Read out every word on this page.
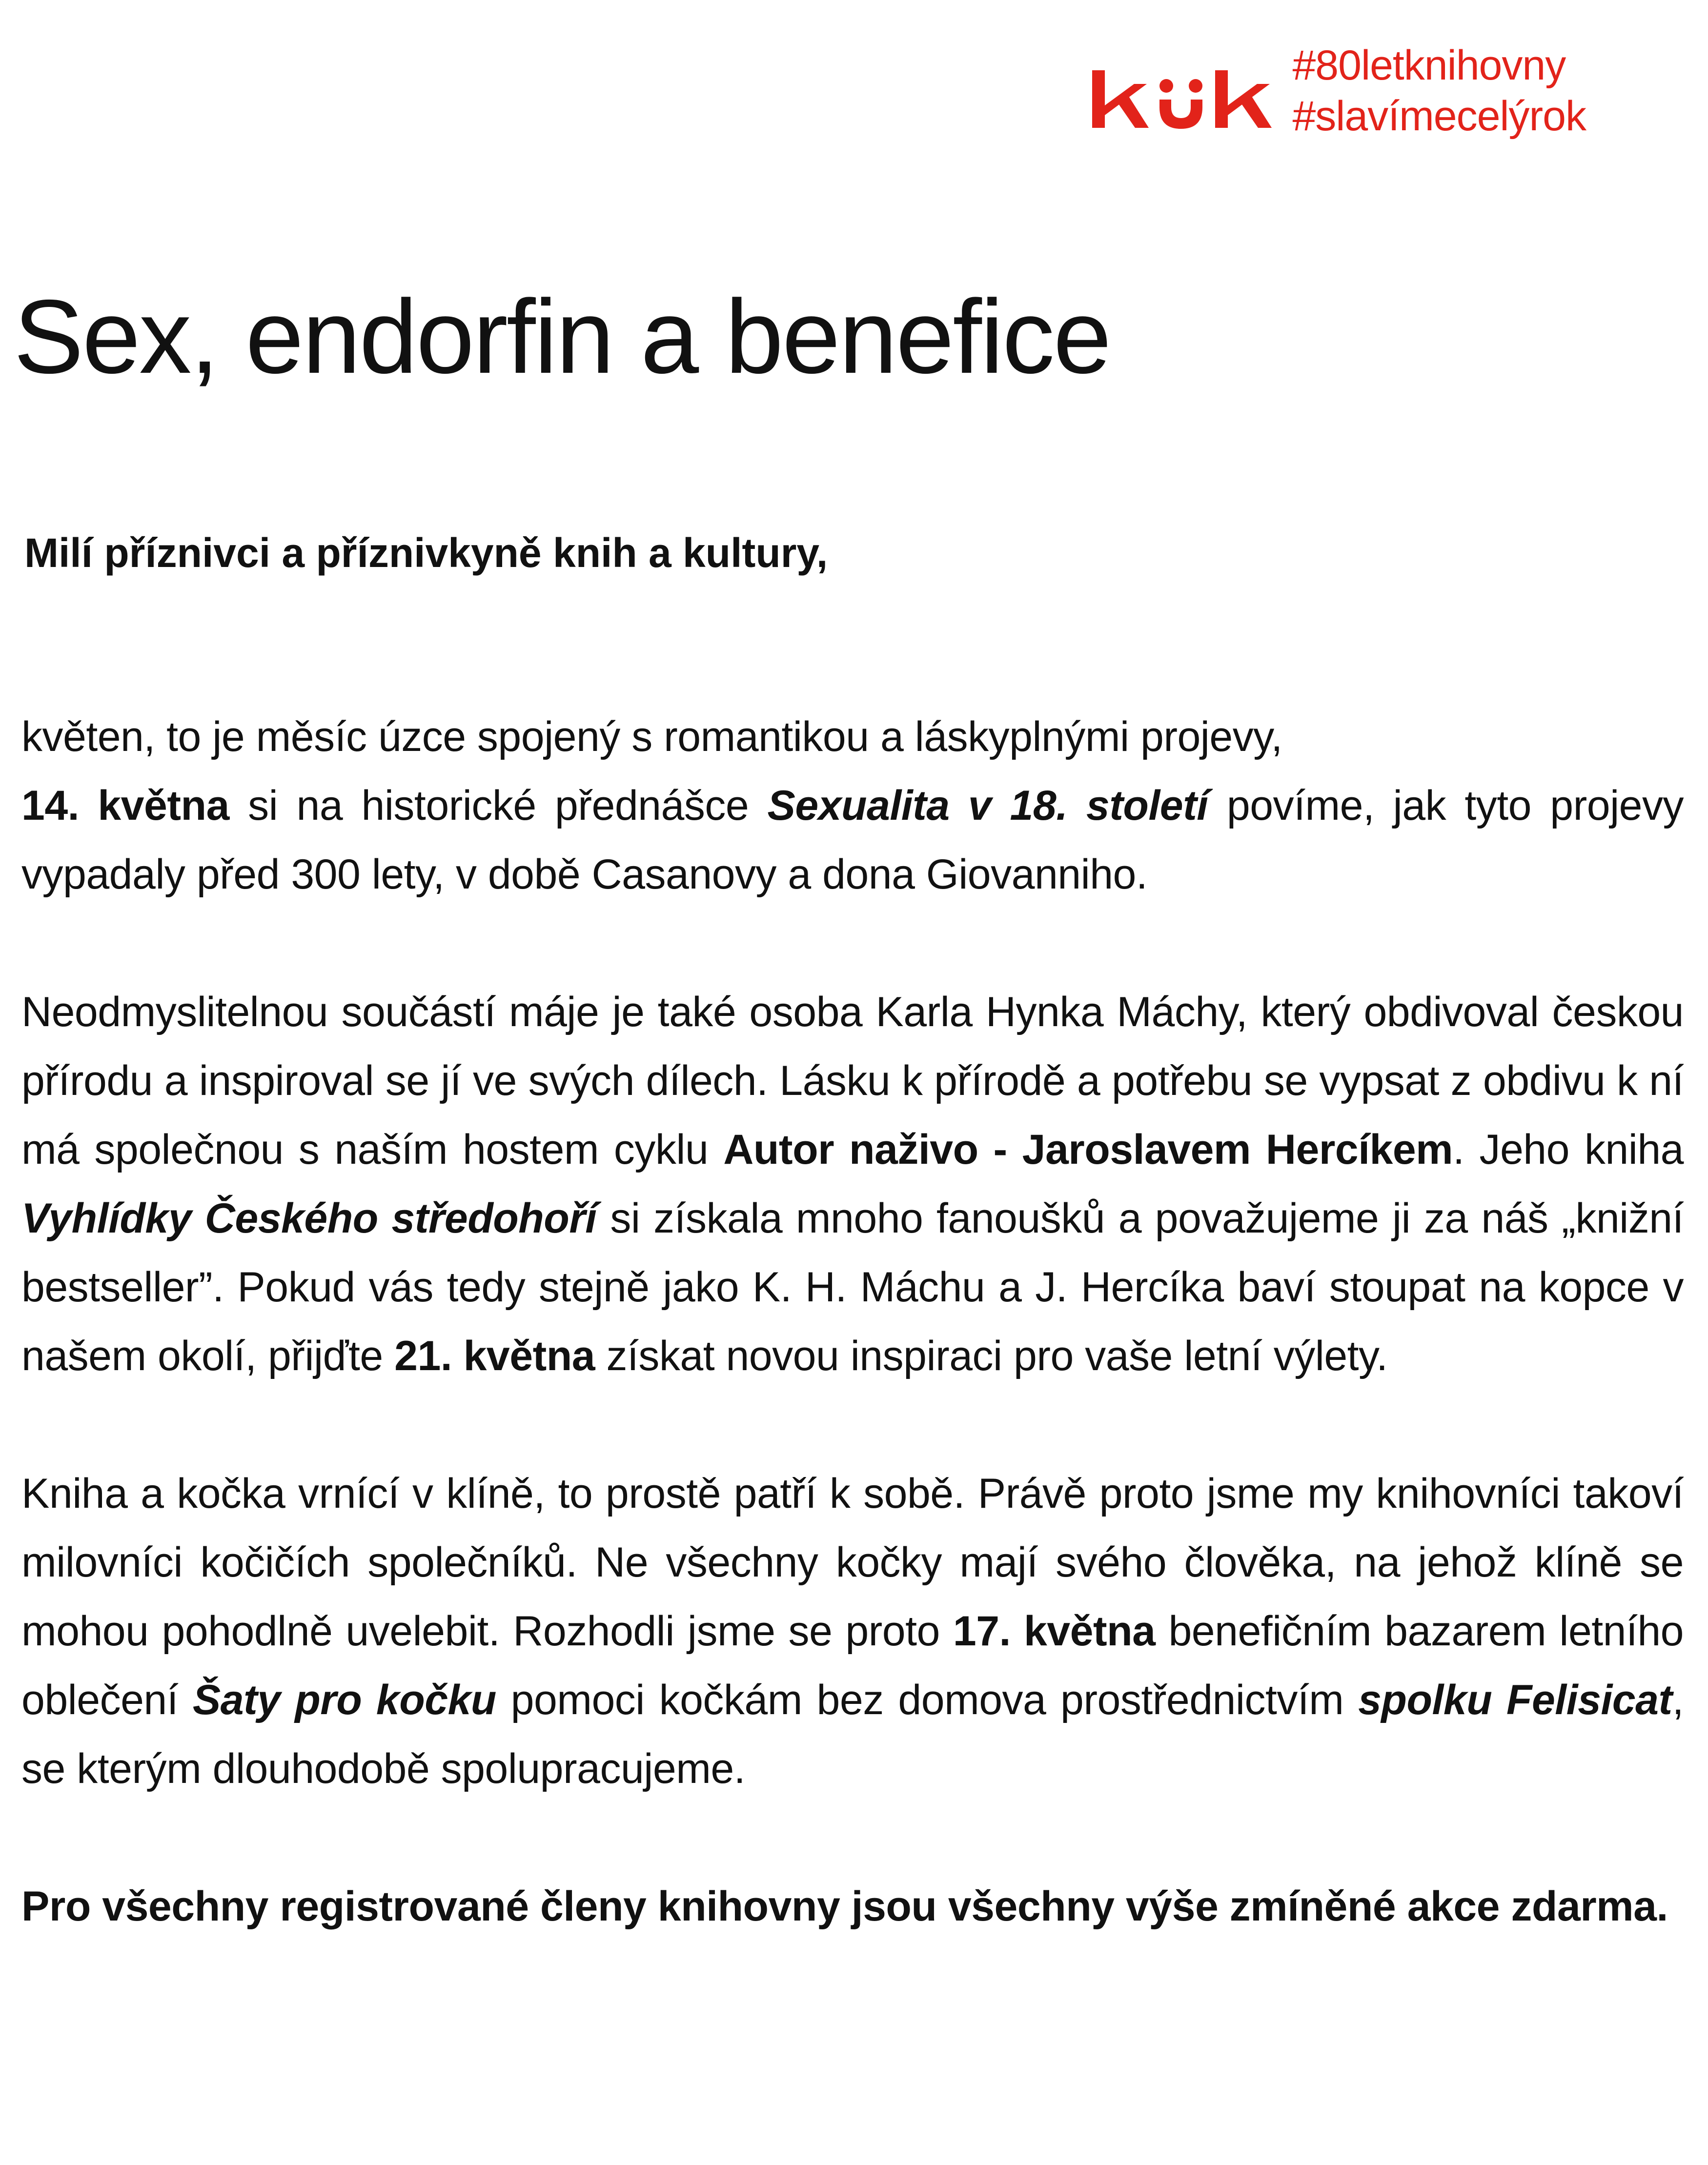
#80letknihovny
#slavímecelýrok
Sex, endorfin a benefice

Milí příznivci a příznivkyně knih a kultury,

květen, to je měsíc úzce spojený s romantikou a láskyplnými projevy,
14. května si na historické přednášce Sexualita v 18. století povíme, jak tyto projevy vypadaly před 300 lety, v době Casanovy a dona Giovanniho.

Neodmyslitelnou součástí máje je také osoba Karla Hynka Máchy, který obdivoval českou přírodu a inspiroval se jí ve svých dílech. Lásku k přírodě a potřebu se vypsat z obdivu k ní má společnou s naším hostem cyklu Autor naživo - Jaroslavem Hercíkem. Jeho kniha Vyhlídky Českého středohoří si získala mnoho fanoušků a považujeme ji za náš „knižní bestseller”. Pokud vás tedy stejně jako K. H. Máchu a J. Hercíka baví stoupat na kopce v našem okolí, přijďte 21. května získat novou inspiraci pro vaše letní výlety.

Kniha a kočka vrnící v klíně, to prostě patří k sobě. Právě proto jsme my knihovníci takoví milovníci kočičích společníků. Ne všechny kočky mají svého člověka, na jehož klíně se mohou pohodlně uvelebit. Rozhodli jsme se proto 17. května benefičním bazarem letního oblečení Šaty pro kočku pomoci kočkám bez domova prostřednictvím spolku Felisicat, se kterým dlouhodobě spolupracujeme.

Pro všechny registrované členy knihovny jsou všechny výše zmíněné akce zdarma.
